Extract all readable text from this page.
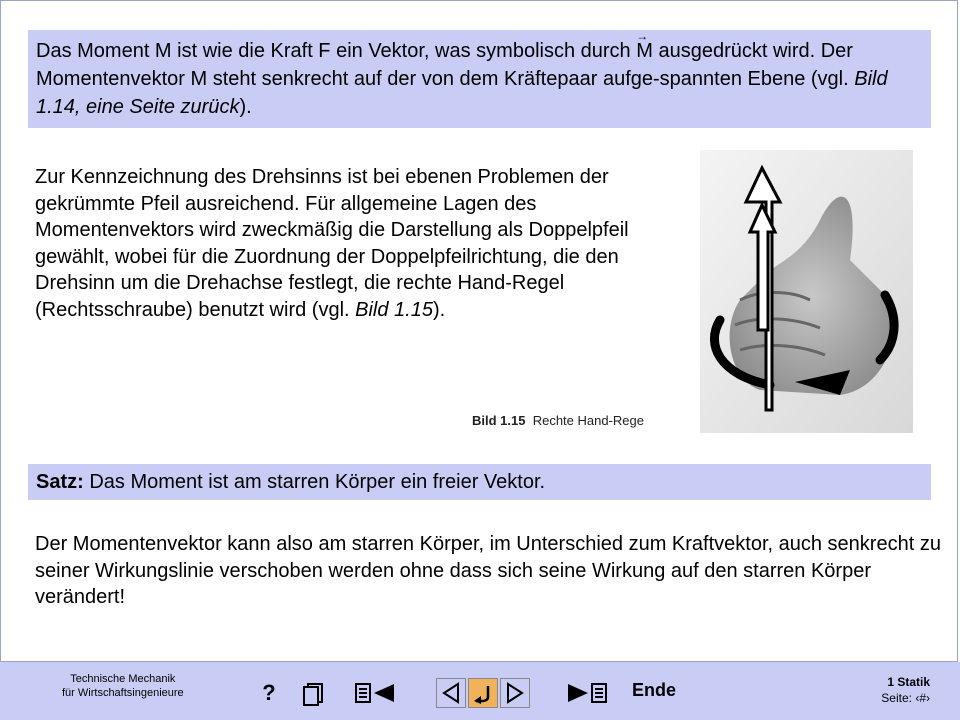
Das Moment M ist wie die Kraft F ein Vektor, was symbolisch durch → M ausgedrückt wird. Der Momentenvektor M steht senkrecht auf der von dem Kräftepaar aufge-spannten Ebene (vgl. Bild 1.14, eine Seite zurück).
Zur Kennzeichnung des Drehsinns ist bei ebenen Problemen der gekrümmte Pfeil ausreichend. Für allgemeine Lagen des Momentenvektors wird zweckmäßig die Darstellung als Doppelpfeil gewählt, wobei für die Zuordnung der Doppelpfeilrichtung, die den Drehsinn um die Drehachse festlegt, die rechte Hand-Regel (Rechtsschraube) benutzt wird (vgl. Bild 1.15).
Bild 1.15 Rechte Hand-Rege
Satz: Das Moment ist am starren Körper ein freier Vektor.
Der Momentenvektor kann also am starren Körper, im Unterschied zum Kraftvektor, auch senkrecht zu seiner Wirkungslinie verschoben werden ohne dass sich seine Wirkung auf den starren Körper verändert!
Technische Mechanik
für Wirtschaftsingenieure	?	Ende	1 Statik
Seite: ‹#›
